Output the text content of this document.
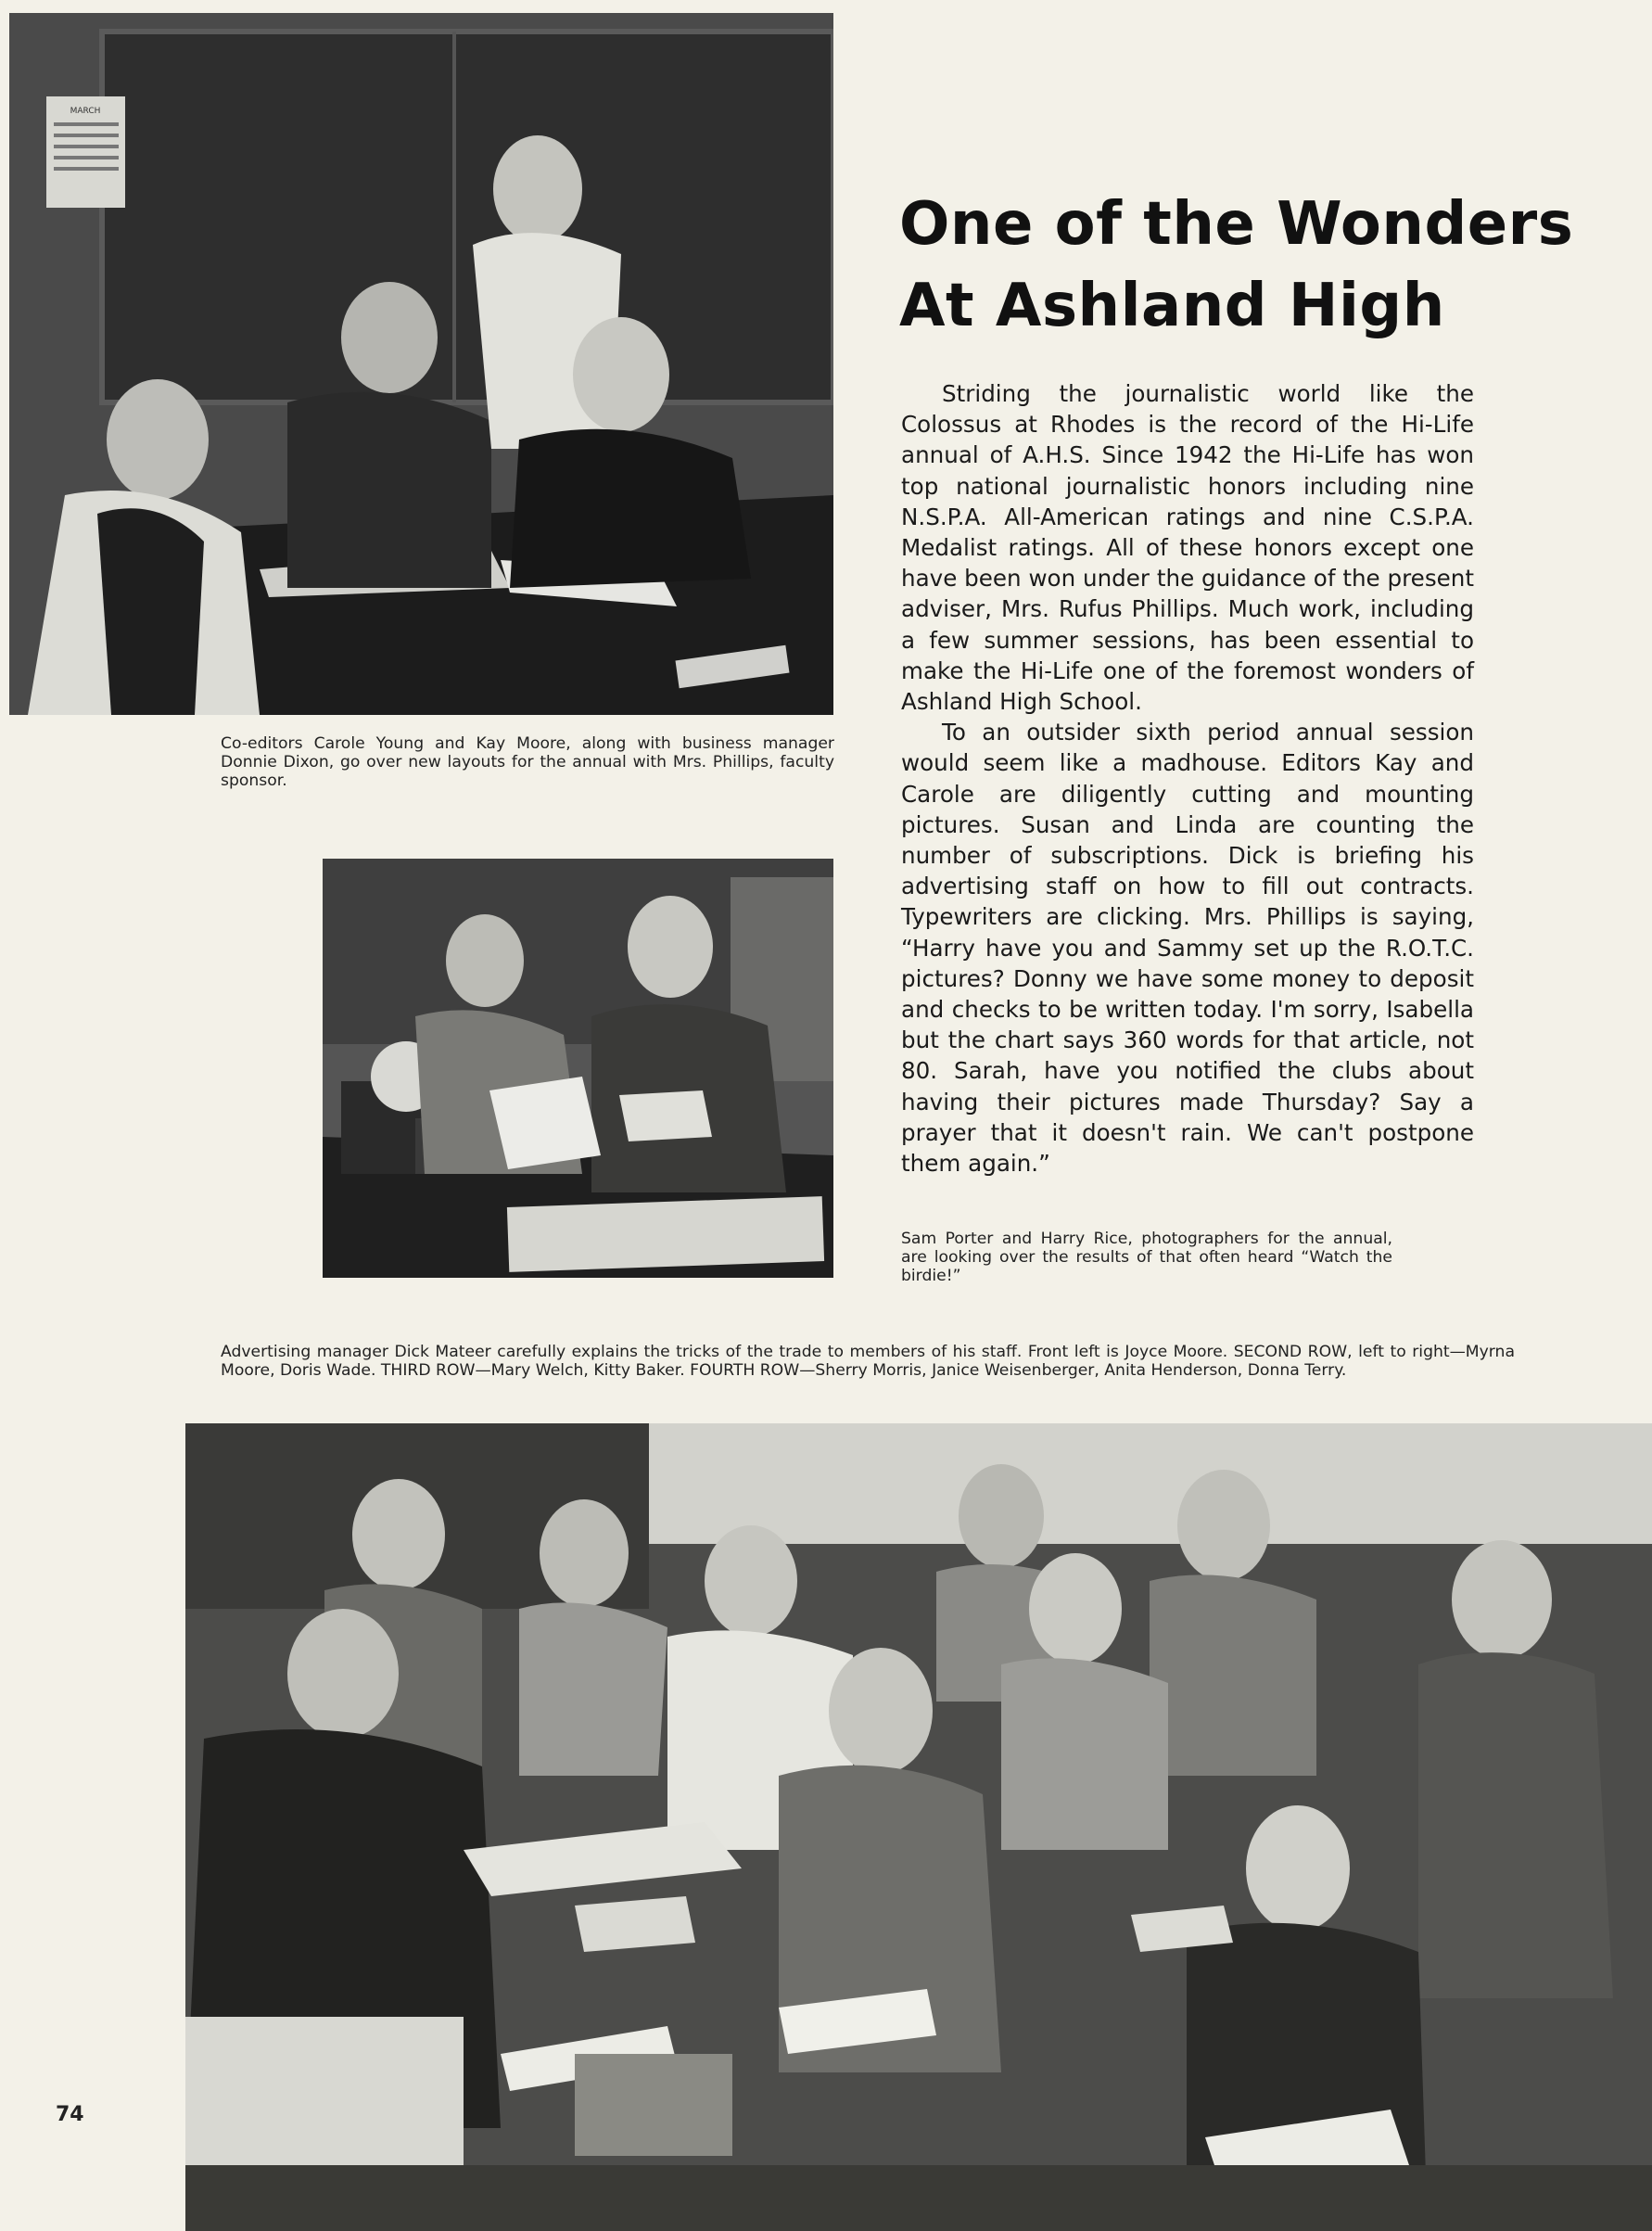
MARCH
One of the Wonders
At Ashland High

Striding the journalistic world like the Colossus at Rhodes is the record of the Hi-Life annual of A.H.S. Since 1942 the Hi-Life has won top national journalistic honors including nine N.S.P.A. All-American ratings and nine C.S.P.A. Medalist ratings. All of these honors except one have been won under the guidance of the present adviser, Mrs. Rufus Phillips. Much work, including a few summer sessions, has been essential to make the Hi-Life one of the foremost wonders of Ashland High School.

To an outsider sixth period annual session would seem like a madhouse. Editors Kay and Carole are diligently cutting and mounting pictures. Susan and Linda are counting the number of subscriptions. Dick is briefing his advertising staff on how to fill out contracts. Typewriters are clicking. Mrs. Phillips is saying, “Harry have you and Sammy set up the R.O.T.C. pictures? Donny we have some money to deposit and checks to be written today. I'm sorry, Isabella but the chart says 360 words for that article, not 80. Sarah, have you notified the clubs about having their pictures made Thursday? Say a prayer that it doesn't rain. We can't postpone them again.”

Co-editors Carole Young and Kay Moore, along with business manager Donnie Dixon, go over new layouts for the annual with Mrs. Phillips, faculty sponsor.
Sam Porter and Harry Rice, photographers for the annual, are looking over the results of that often heard “Watch the birdie!”
Advertising manager Dick Mateer carefully explains the tricks of the trade to members of his staff. Front left is Joyce Moore. SECOND ROW, left to right—Myrna Moore, Doris Wade. THIRD ROW—Mary Welch, Kitty Baker. FOURTH ROW—Sherry Morris, Janice Weisenberger, Anita Henderson, Donna Terry.
74
